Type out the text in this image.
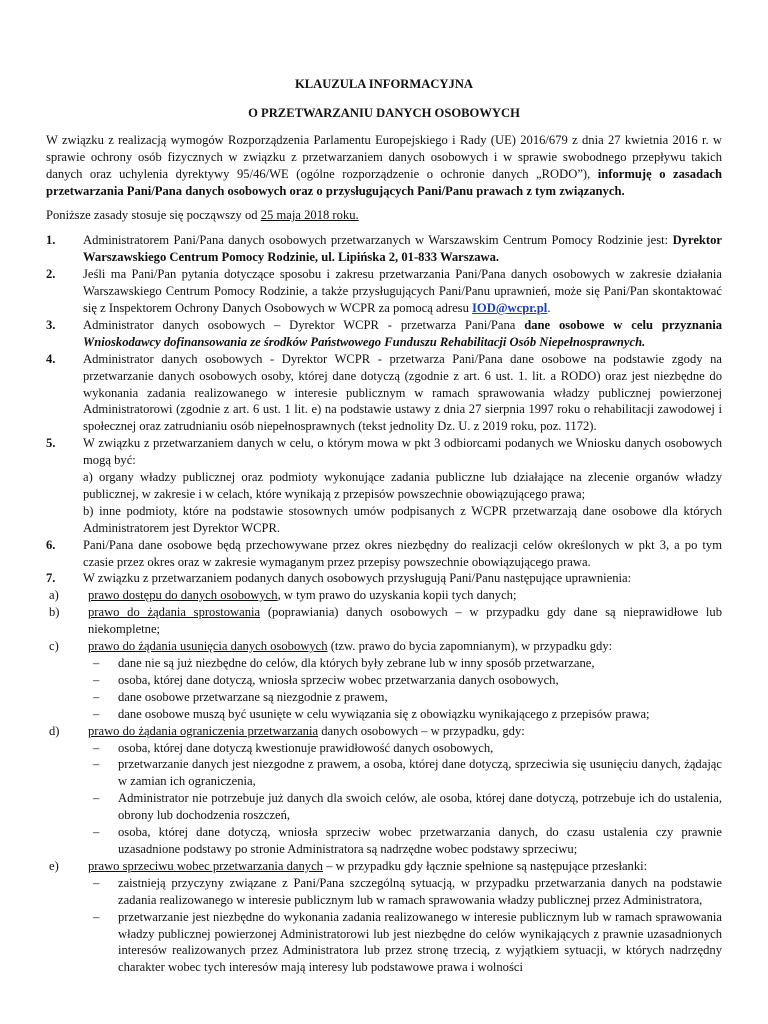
KLAUZULA INFORMACYJNA

O PRZETWARZANIU DANYCH OSOBOWYCH

W związku z realizacją wymogów Rozporządzenia Parlamentu Europejskiego i Rady (UE) 2016/679 z dnia 27 kwietnia 2016 r. w sprawie ochrony osób fizycznych w związku z przetwarzaniem danych osobowych i w sprawie swobodnego przepływu takich danych oraz uchylenia dyrektywy 95/46/WE (ogólne rozporządzenie o ochronie danych „RODO”), informuję o zasadach przetwarzania Pani/Pana danych osobowych oraz o przysługujących Pani/Panu prawach z tym związanych.

Poniższe zasady stosuje się począwszy od 25 maja 2018 roku.

1. Administratorem Pani/Pana danych osobowych przetwarzanych w Warszawskim Centrum Pomocy Rodzinie jest: Dyrektor Warszawskiego Centrum Pomocy Rodzinie, ul. Lipińska 2, 01-833 Warszawa.
2. Jeśli ma Pani/Pan pytania dotyczące sposobu i zakresu przetwarzania Pani/Pana danych osobowych w zakresie działania Warszawskiego Centrum Pomocy Rodzinie, a także przysługujących Pani/Panu uprawnień, może się Pani/Pan skontaktować się z Inspektorem Ochrony Danych Osobowych w WCPR za pomocą adresu IOD@wcpr.pl.
3. Administrator danych osobowych – Dyrektor WCPR - przetwarza Pani/Pana dane osobowe w celu przyznania Wnioskodawcy dofinansowania ze środków Państwowego Funduszu Rehabilitacji Osób Niepełnosprawnych.
4. Administrator danych osobowych - Dyrektor WCPR - przetwarza Pani/Pana dane osobowe na podstawie zgody na przetwarzanie danych osobowych osoby, której dane dotyczą (zgodnie z art. 6 ust. 1. lit. a RODO) oraz jest niezbędne do wykonania zadania realizowanego w interesie publicznym w ramach sprawowania władzy publicznej powierzonej Administratorowi (zgodnie z art. 6 ust. 1 lit. e) na podstawie ustawy z dnia 27 sierpnia 1997 roku o rehabilitacji zawodowej i społecznej oraz zatrudnianiu osób niepełnosprawnych (tekst jednolity Dz. U. z 2019 roku, poz. 1172).
5. W związku z przetwarzaniem danych w celu, o którym mowa w pkt 3 odbiorcami podanych we Wniosku danych osobowych mogą być:

a) organy władzy publicznej oraz podmioty wykonujące zadania publiczne lub działające na zlecenie organów władzy publicznej, w zakresie i w celach, które wynikają z przepisów powszechnie obowiązującego prawa;

b) inne podmioty, które na podstawie stosownych umów podpisanych z WCPR przetwarzają dane osobowe dla których Administratorem jest Dyrektor WCPR.

6. Pani/Pana dane osobowe będą przechowywane przez okres niezbędny do realizacji celów określonych w pkt 3, a po tym czasie przez okres oraz w zakresie wymaganym przez przepisy powszechnie obowiązującego prawa.
7. W związku z przetwarzaniem podanych danych osobowych przysługują Pani/Panu następujące uprawnienia:

a) prawo dostępu do danych osobowych, w tym prawo do uzyskania kopii tych danych;
b) prawo do żądania sprostowania (poprawiania) danych osobowych – w przypadku gdy dane są nieprawidłowe lub niekompletne;
c) prawo do żądania usunięcia danych osobowych (tzw. prawo do bycia zapomnianym), w przypadku gdy:
– dane nie są już niezbędne do celów, dla których były zebrane lub w inny sposób przetwarzane,
– osoba, której dane dotyczą, wniosła sprzeciw wobec przetwarzania danych osobowych,
– dane osobowe przetwarzane są niezgodnie z prawem,
– dane osobowe muszą być usunięte w celu wywiązania się z obowiązku wynikającego z przepisów prawa;
d) prawo do żądania ograniczenia przetwarzania danych osobowych – w przypadku, gdy:
– osoba, której dane dotyczą kwestionuje prawidłowość danych osobowych,
– przetwarzanie danych jest niezgodne z prawem, a osoba, której dane dotyczą, sprzeciwia się usunięciu danych, żądając w zamian ich ograniczenia,
– Administrator nie potrzebuje już danych dla swoich celów, ale osoba, której dane dotyczą, potrzebuje ich do ustalenia, obrony lub dochodzenia roszczeń,
– osoba, której dane dotyczą, wniosła sprzeciw wobec przetwarzania danych, do czasu ustalenia czy prawnie uzasadnione podstawy po stronie Administratora są nadrzędne wobec podstawy sprzeciwu;
e) prawo sprzeciwu wobec przetwarzania danych – w przypadku gdy łącznie spełnione są następujące przesłanki:
– zaistnieją przyczyny związane z Pani/Pana szczególną sytuacją, w przypadku przetwarzania danych na podstawie zadania realizowanego w interesie publicznym lub w ramach sprawowania władzy publicznej przez Administratora,
– przetwarzanie jest niezbędne do wykonania zadania realizowanego w interesie publicznym lub w ramach sprawowania władzy publicznej powierzonej Administratorowi lub jest niezbędne do celów wynikających z prawnie uzasadnionych interesów realizowanych przez Administratora lub przez stronę trzecią, z wyjątkiem sytuacji, w których nadrzędny charakter wobec tych interesów mają interesy lub podstawowe prawa i wolności
